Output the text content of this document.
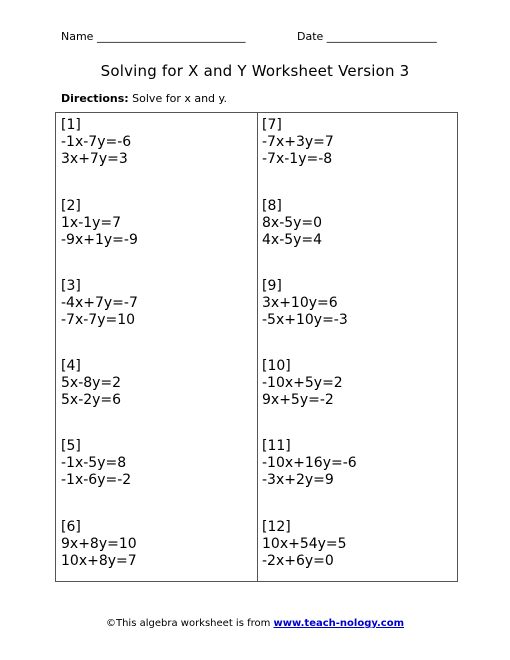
Name ___________________________	Date ____________________
Solving for X and Y Worksheet Version 3
Directions: Solve for x and y.
[1]
-1x-7y=-6
3x+7y=3
[2]
1x-1y=7
-9x+1y=-9
[3]
-4x+7y=-7
-7x-7y=10
[4]
5x-8y=2
5x-2y=6
[5]
-1x-5y=8
-1x-6y=-2
[6]
9x+8y=10
10x+8y=7
[7]
-7x+3y=7
-7x-1y=-8
[8]
8x-5y=0
4x-5y=4
[9]
3x+10y=6
-5x+10y=-3
[10]
-10x+5y=2
9x+5y=-2
[11]
-10x+16y=-6
-3x+2y=9
[12]
10x+54y=5
-2x+6y=0
©This algebra worksheet is from www.teach-nology.com
